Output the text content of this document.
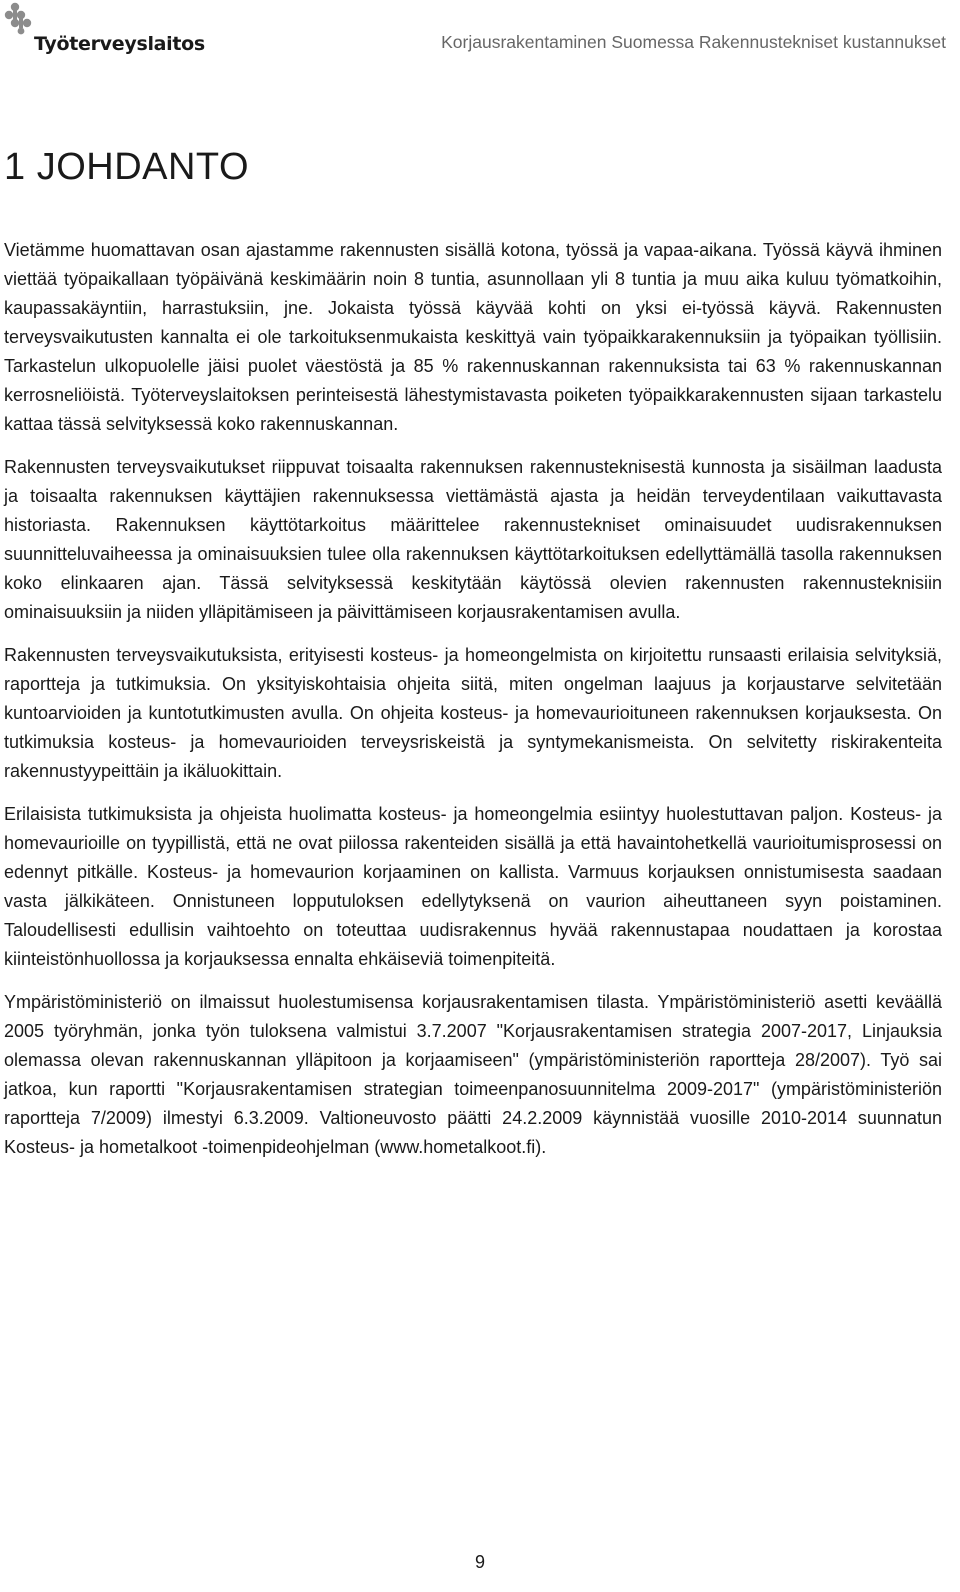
Työterveyslaitos	Korjausrakentaminen Suomessa Rakennustekniset kustannukset
1 JOHDANTO

Vietämme huomattavan osan ajastamme rakennusten sisällä kotona, työssä ja vapaa-aikana. Työssä käyvä ihminen viettää työpaikallaan työpäivänä keskimäärin noin 8 tuntia, asunnollaan yli 8 tuntia ja muu aika kuluu työmatkoihin, kaupassakäyntiin, harrastuksiin, jne. Jokaista työssä käyvää kohti on yksi ei-työssä käyvä. Rakennusten terveysvaikutusten kannalta ei ole tarkoituksenmukaista keskittyä vain työpaikkarakennuksiin ja työpaikan työllisiin. Tarkastelun ulkopuolelle jäisi puolet väestöstä ja 85 % rakennuskannan rakennuksista tai 63 % rakennuskannan kerrosneliöistä. Työterveyslaitoksen perinteisestä lähestymistavasta poiketen työpaikkarakennusten sijaan tarkastelu kattaa tässä selvityksessä koko rakennuskannan.

Rakennusten terveysvaikutukset riippuvat toisaalta rakennuksen rakennusteknisestä kunnosta ja sisäilman laadusta ja toisaalta rakennuksen käyttäjien rakennuksessa viettämästä ajasta ja heidän terveydentilaan vaikuttavasta historiasta. Rakennuksen käyttötarkoitus määrittelee rakennustekniset ominaisuudet uudisrakennuksen suunnitteluvaiheessa ja ominaisuuksien tulee olla rakennuksen käyttötarkoituksen edellyttämällä tasolla rakennuksen koko elinkaaren ajan. Tässä selvityksessä keskitytään käytössä olevien rakennusten rakennusteknisiin ominaisuuksiin ja niiden ylläpitämiseen ja päivittämiseen korjausrakentamisen avulla.

Rakennusten terveysvaikutuksista, erityisesti kosteus- ja homeongelmista on kirjoitettu runsaasti erilaisia selvityksiä, raportteja ja tutkimuksia. On yksityiskohtaisia ohjeita siitä, miten ongelman laajuus ja korjaustarve selvitetään kuntoarvioiden ja kuntotutkimusten avulla. On ohjeita kosteus- ja homevaurioituneen rakennuksen korjauksesta. On tutkimuksia kosteus- ja homevaurioiden terveysriskeistä ja syntymekanismeista. On selvitetty riskirakenteita rakennustyypeittäin ja ikäluokittain.

Erilaisista tutkimuksista ja ohjeista huolimatta kosteus- ja homeongelmia esiintyy huolestuttavan paljon. Kosteus- ja homevaurioille on tyypillistä, että ne ovat piilossa rakenteiden sisällä ja että havaintohetkellä vaurioitumisprosessi on edennyt pitkälle. Kosteus- ja homevaurion korjaaminen on kallista. Varmuus korjauksen onnistumisesta saadaan vasta jälkikäteen. Onnistuneen lopputuloksen edellytyksenä on vaurion aiheuttaneen syyn poistaminen. Taloudellisesti edullisin vaihtoehto on toteuttaa uudisrakennus hyvää rakennustapaa noudattaen ja korostaa kiinteistönhuollossa ja korjauksessa ennalta ehkäiseviä toimenpiteitä.

Ympäristöministeriö on ilmaissut huolestumisensa korjausrakentamisen tilasta. Ympäristöministeriö asetti keväällä 2005 työryhmän, jonka työn tuloksena valmistui 3.7.2007 "Korjausrakentamisen strategia 2007-2017, Linjauksia olemassa olevan rakennuskannan ylläpitoon ja korjaamiseen" (ympäristöministeriön raportteja 28/2007). Työ sai jatkoa, kun raportti "Korjausrakentamisen strategian toimeenpanosuunnitelma 2009-2017" (ympäristöministeriön raportteja 7/2009) ilmestyi 6.3.2009. Valtioneuvosto päätti 24.2.2009 käynnistää vuosille 2010-2014 suunnatun Kosteus- ja hometalkoot -toimenpideohjelman (www.hometalkoot.fi).

9
